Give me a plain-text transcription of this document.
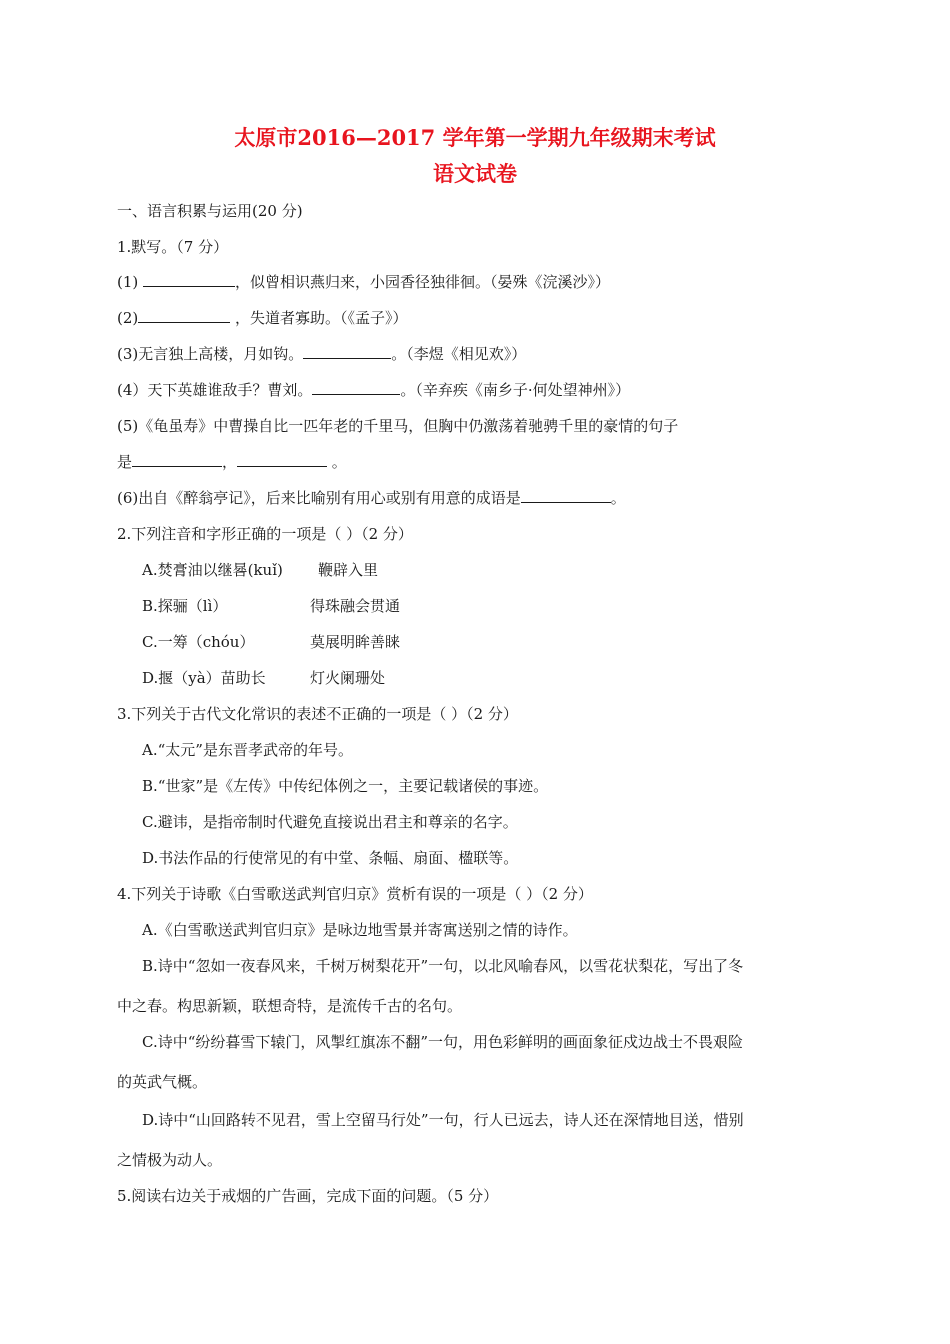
太原市2016—2017 学年第一学期九年级期末考试
语文试卷
一、语言积累与运用(20 分)
1.默写。（7 分）
(1)	，似曾相识燕归来，小园香径独徘徊。（晏殊《浣溪沙》）
(2)	，失道者寡助。（《孟子》）
(3)无言独上高楼，月如钩。	。（李煜《相见欢》）
(4）天下英雄谁敌手？曹刘。	。（辛弃疾《南乡子·何处望神州》）
(5)《龟虽寿》中曹操自比一匹年老的千里马，但胸中仍激荡着驰骋千里的豪情的句子
是	，	。
(6)出自《醉翁亭记》，后来比喻别有用心或别有用意的成语是	。
2.下列注音和字形正确的一项是（ ）（2 分）
A.焚膏油以继晷(kuǐ) 鞭辟入里
B.探骊（lì）	得珠融会贯通
C.一筹（chóu）	莫展明眸善睐
D.揠（yà）苗助长	灯火阑珊处
3.下列关于古代文化常识的表述不正确的一项是（ ）（2 分）
A.“太元”是东晋孝武帝的年号。
B.“世家”是《左传》中传纪体例之一，主要记载诸侯的事迹。
C.避讳，是指帝制时代避免直接说出君主和尊亲的名字。
D.书法作品的行使常见的有中堂、条幅、扇面、楹联等。
4.下列关于诗歌《白雪歌送武判官归京》赏析有误的一项是（ ）（2 分）
A.《白雪歌送武判官归京》是咏边地雪景并寄寓送别之情的诗作。
B.诗中“忽如一夜春风来，千树万树梨花开”一句，以北风喻春风，以雪花状梨花，写出了冬
中之春。构思新颖，联想奇特，是流传千古的名句。
C.诗中“纷纷暮雪下辕门，风掣红旗冻不翻”一句，用色彩鲜明的画面象征戍边战士不畏艰险
的英武气概。
D.诗中“山回路转不见君，雪上空留马行处”一句，行人已远去，诗人还在深情地目送，惜别
之情极为动人。
5.阅读右边关于戒烟的广告画，完成下面的问题。（5 分）
